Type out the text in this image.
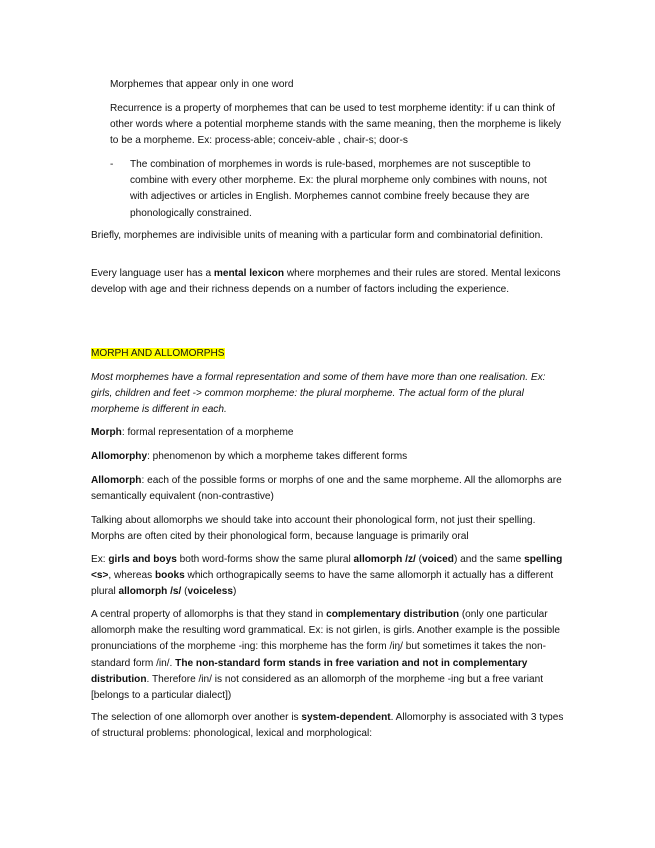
Morphemes that appear only in one word

Recurrence is a property of morphemes that can be used to test morpheme identity: if u can think of other words where a potential morpheme stands with the same meaning, then the morpheme is likely to be a morpheme. Ex: process-able; conceiv-able , chair-s; door-s

- The combination of morphemes in words is rule-based, morphemes are not susceptible to combine with every other morpheme. Ex: the plural morpheme only combines with nouns, not with adjectives or articles in English. Morphemes cannot combine freely because they are phonologically constrained.

Briefly, morphemes are indivisible units of meaning with a particular form and combinatorial definition.

Every language user has a mental lexicon where morphemes and their rules are stored. Mental lexicons develop with age and their richness depends on a number of factors including the experience.

MORPH AND ALLOMORPHS

Most morphemes have a formal representation and some of them have more than one realisation. Ex: girls, children and feet -> common morpheme: the plural morpheme. The actual form of the plural morpheme is different in each.

Morph: formal representation of a morpheme

Allomorphy: phenomenon by which a morpheme takes different forms

Allomorph: each of the possible forms or morphs of one and the same morpheme. All the allomorphs are semantically equivalent (non-contrastive)

Talking about allomorphs we should take into account their phonological form, not just their spelling. Morphs are often cited by their phonological form, because language is primarily oral

Ex: girls and boys both word-forms show the same plural allomorph /z/ (voiced) and the same spelling <s>, whereas books which orthograpically seems to have the same allomorph it actually has a different plural allomorph /s/ (voiceless)

A central property of allomorphs is that they stand in complementary distribution (only one particular allomorph make the resulting word grammatical. Ex: is not girlen, is girls. Another example is the possible pronunciations of the morpheme -ing: this morpheme has the form /iŋ/ but sometimes it takes the non-standard form /in/. The non-standard form stands in free variation and not in complementary distribution. Therefore /in/ is not considered as an allomorph of the morpheme -ing but a free variant [belongs to a particular dialect])

The selection of one allomorph over another is system-dependent. Allomorphy is associated with 3 types of structural problems: phonological, lexical and morphological:
